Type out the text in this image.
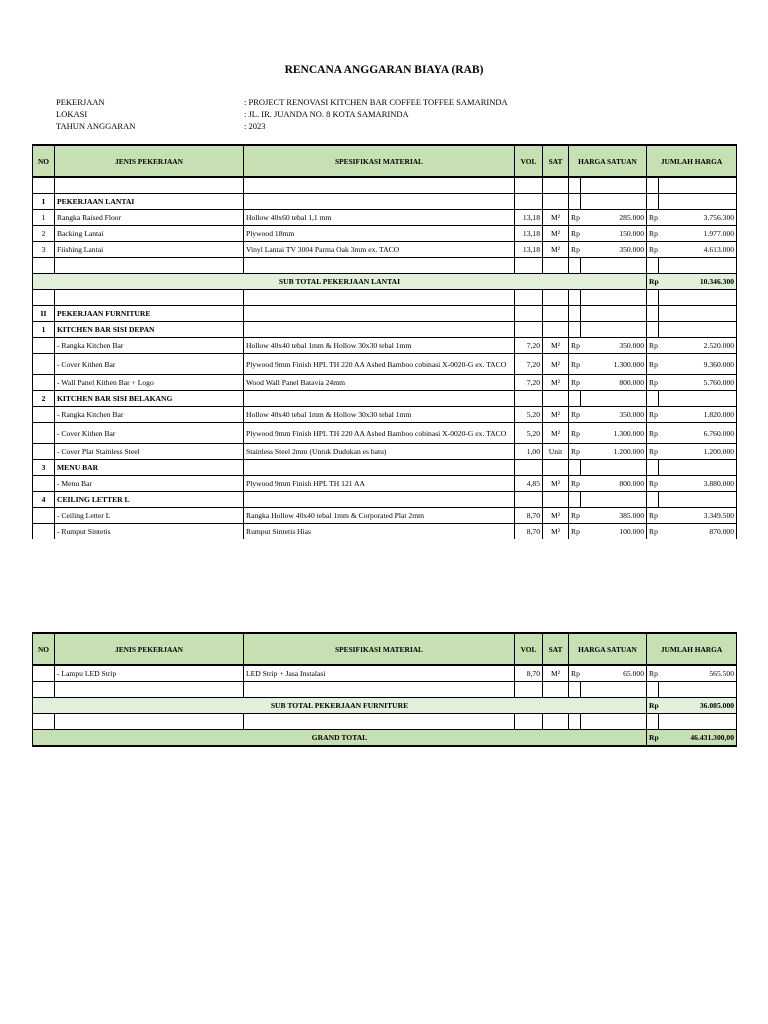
RENCANA ANGGARAN BIAYA (RAB)
PEKERJAAN	: PROJECT RENOVASI KITCHEN BAR COFFEE TOFFEE SAMARINDA
LOKASI	: JL. IR. JUANDA NO. 8 KOTA SAMARINDA
TAHUN ANGGARAN	: 2023
NO	JENIS PEKERJAAN	SPESIFIKASI MATERIAL	VOL	SAT	HARGA SATUAN		JUMLAH HARGA	

I	PEKERJAAN LANTAI							
1	Rangka Raised Floor	Hollow 40x60 tebal 1,1 mm	13,18	M²	Rp	285.000	Rp	3.756.300
2	Backing Lantai	Plywood 18mm	13,18	M²	Rp	150.000	Rp	1.977.000
3	Fiishing Lantai	Vinyl Lantai TV 3004 Parma Oak 3mm ex. TACO	13,18	M²	Rp	350.000	Rp	4.613.000

SUB TOTAL PEKERJAAN LANTAI							Rp	10.346.300

II	PEKERJAAN FURNITURE							
1	KITCHEN BAR SISI DEPAN							
	- Rangka Kitchen Bar	Hollow 40x40 tebal 1mm & Hollow 30x30 tebal 1mm	7,20	M²	Rp	350.000	Rp	2.520.000
	- Cover Kithen Bar	Plywood 9mm Finish HPL TH 220 AA Ashed Bamboo cobinasi X-0020-G ex. TACO	7,20	M²	Rp	1.300.000	Rp	9.360.000
	- Wall Panel Kithen Bar + Logo	Wood Wall Panel Batavia 24mm	7,20	M²	Rp	800.000	Rp	5.760.000
2	KITCHEN BAR SISI BELAKANG							
	- Rangka Kitchen Bar	Hollow 40x40 tebal 1mm & Hollow 30x30 tebal 1mm	5,20	M²	Rp	350.000	Rp	1.820.000
	- Cover Kithen Bar	Plywood 9mm Finish HPL TH 220 AA Ashed Bamboo cobinasi X-0020-G ex. TACO	5,20	M²	Rp	1.300.000	Rp	6.760.000
	- Cover Plat Stainless Steel	Stainless Steel 2mm (Untuk Dudukan es batu)	1,00	Unit	Rp	1.200.000	Rp	1.200.000
3	MENU BAR							
	- Menu Bar	Plywood 9mm Finish HPL TH 121 AA	4,85	M²	Rp	800.000	Rp	3.880.000
4	CEILING LETTER L							
	- Ceiling Letter L	Rangka Hollow 40x40 tebal 1mm & Corporated Plat 2mm	8,70	M²	Rp	385.000	Rp	3.349.500
	- Rumput Sintetis	Rumput Sintetis Hias	8,70	M²	Rp	100.000	Rp	870.000
NO	JENIS PEKERJAAN	SPESIFIKASI MATERIAL	VOL	SAT	HARGA SATUAN		JUMLAH HARGA	
	- Lampu LED Strip	LED Strip + Jasa Instalasi	8,70	M²	Rp	65.000	Rp	565.500

SUB TOTAL PEKERJAAN FURNITURE							Rp	36.085.000

GRAND TOTAL							Rp	46.431.300,00
